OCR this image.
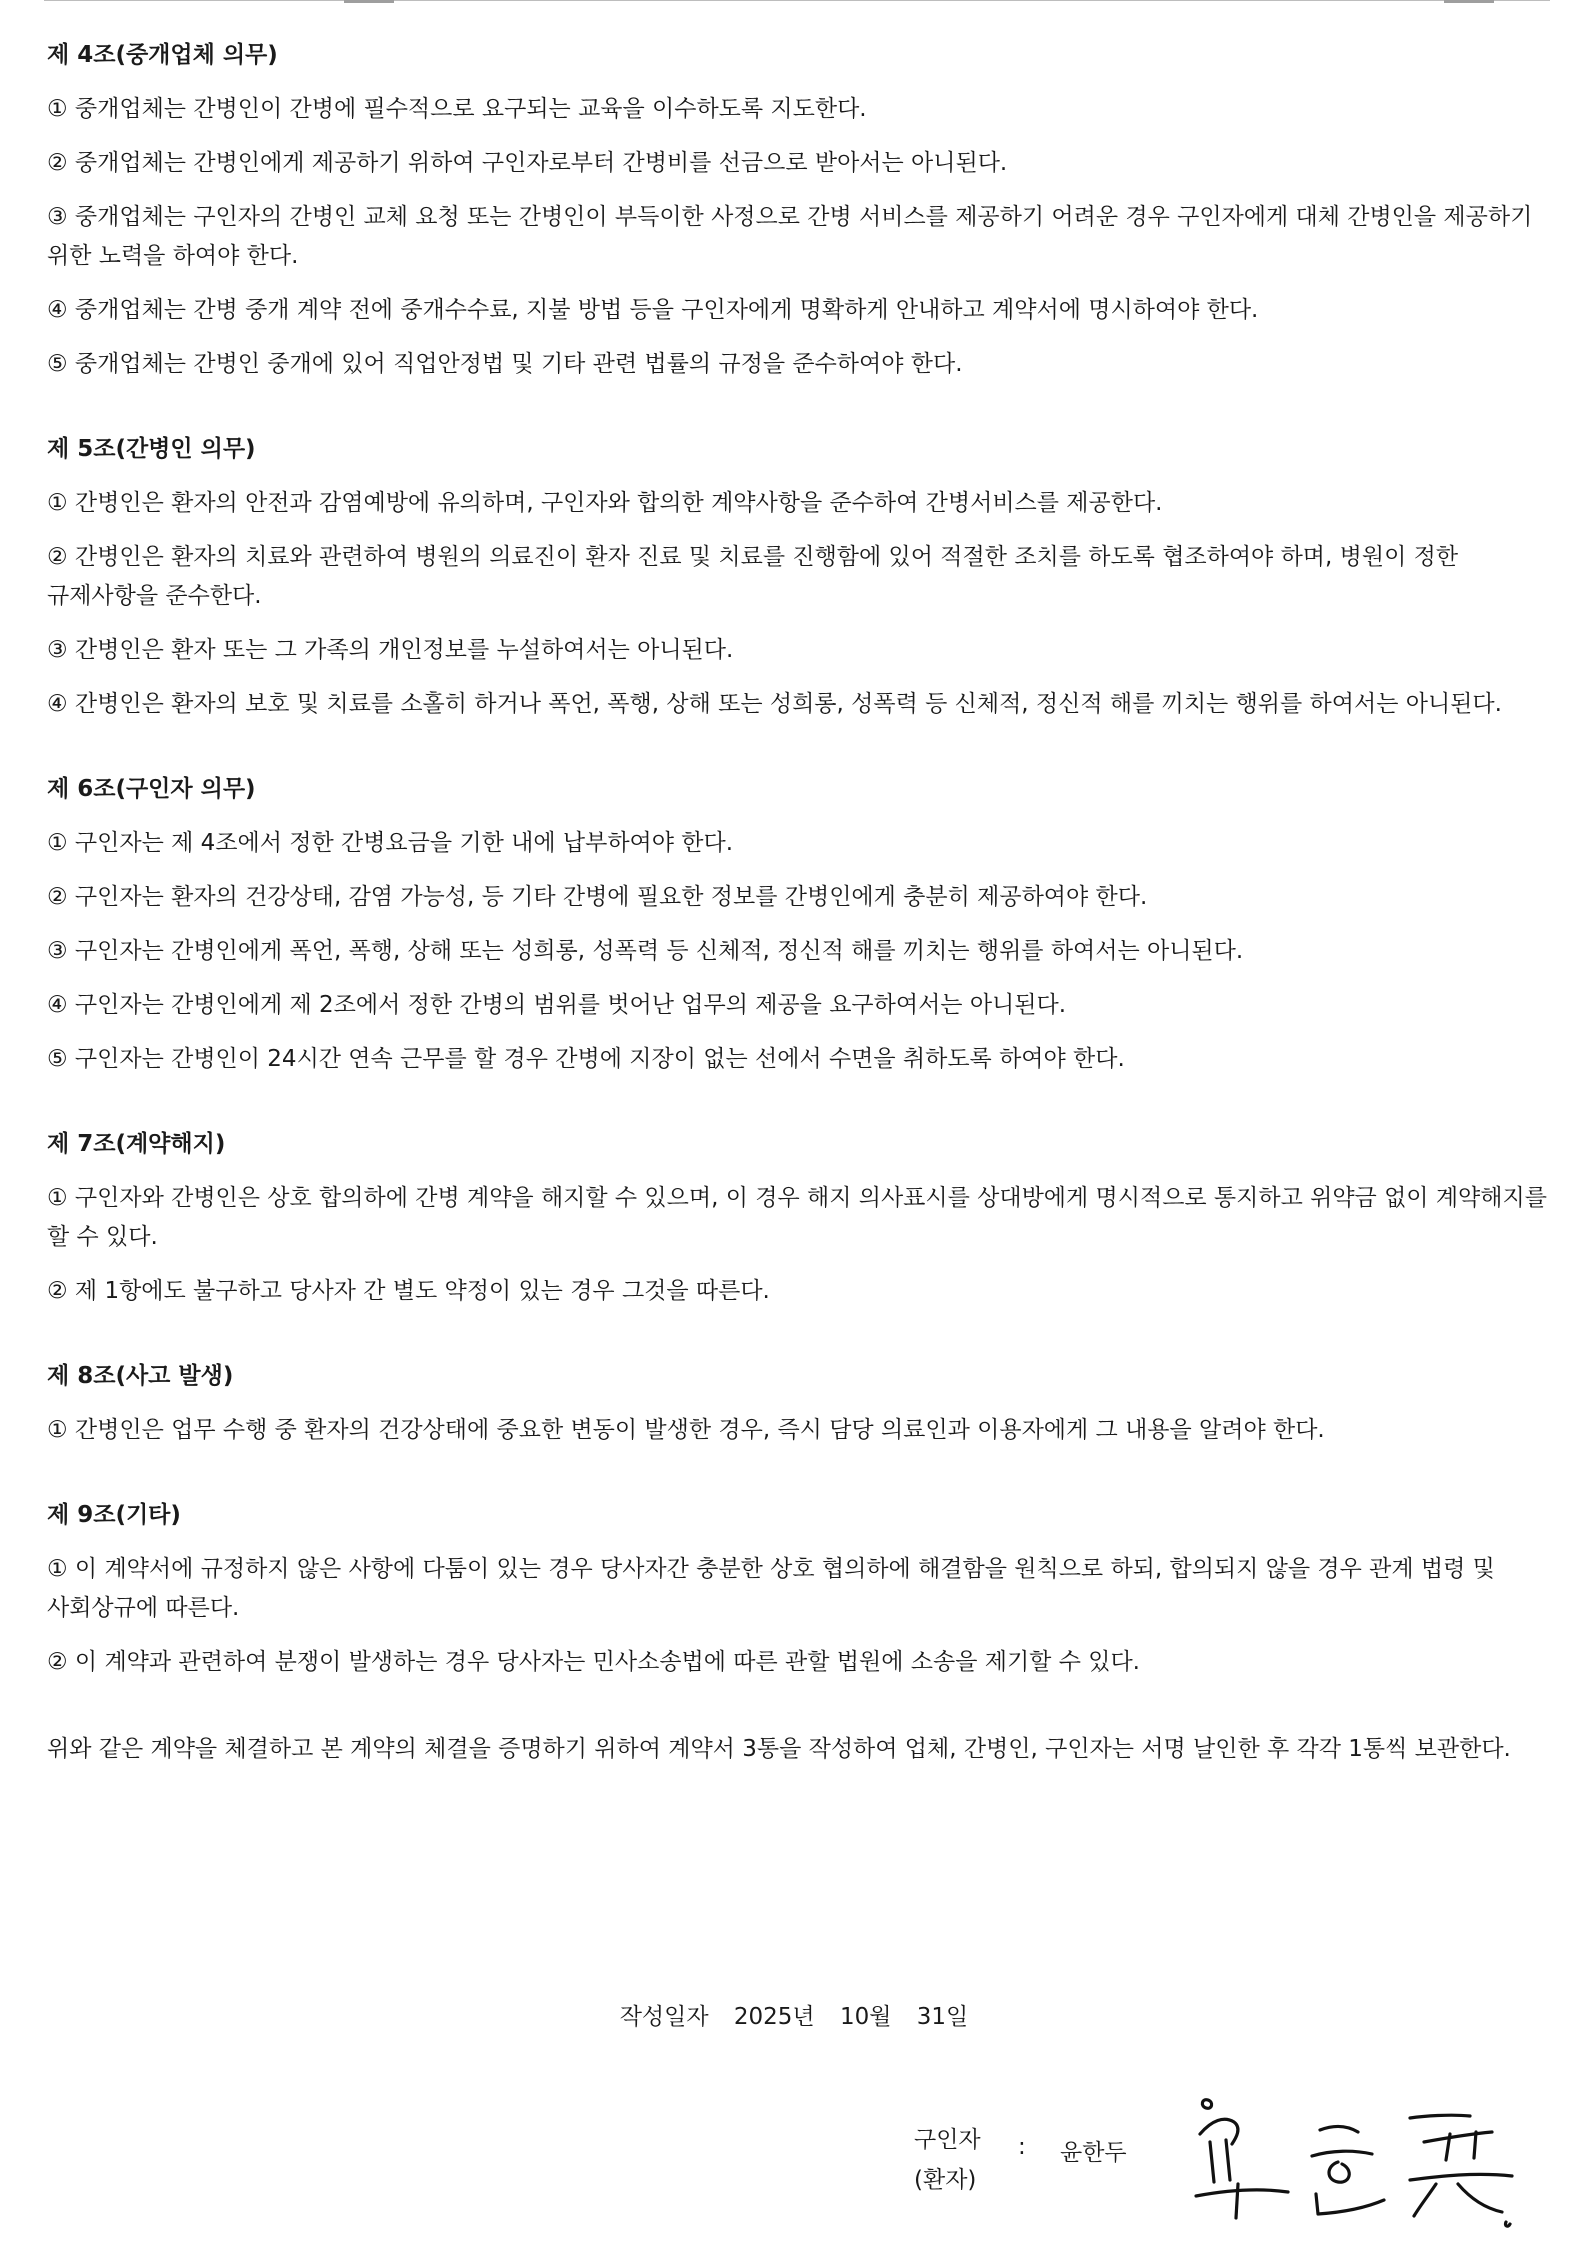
제 4조(중개업체 의무)

① 중개업체는 간병인이 간병에 필수적으로 요구되는 교육을 이수하도록 지도한다.

② 중개업체는 간병인에게 제공하기 위하여 구인자로부터 간병비를 선금으로 받아서는 아니된다.

③ 중개업체는 구인자의 간병인 교체 요청 또는 간병인이 부득이한 사정으로 간병 서비스를 제공하기 어려운 경우 구인자에게 대체 간병인을 제공하기 위한 노력을 하여야 한다.

④ 중개업체는 간병 중개 계약 전에 중개수수료, 지불 방법 등을 구인자에게 명확하게 안내하고 계약서에 명시하여야 한다.

⑤ 중개업체는 간병인 중개에 있어 직업안정법 및 기타 관련 법률의 규정을 준수하여야 한다.

제 5조(간병인 의무)

① 간병인은 환자의 안전과 감염예방에 유의하며, 구인자와 합의한 계약사항을 준수하여 간병서비스를 제공한다.

② 간병인은 환자의 치료와 관련하여 병원의 의료진이 환자 진료 및 치료를 진행함에 있어 적절한 조치를 하도록 협조하여야 하며, 병원이 정한 규제사항을 준수한다.

③ 간병인은 환자 또는 그 가족의 개인정보를 누설하여서는 아니된다.

④ 간병인은 환자의 보호 및 치료를 소홀히 하거나 폭언, 폭행, 상해 또는 성희롱, 성폭력 등 신체적, 정신적 해를 끼치는 행위를 하여서는 아니된다.

제 6조(구인자 의무)

① 구인자는 제 4조에서 정한 간병요금을 기한 내에 납부하여야 한다.

② 구인자는 환자의 건강상태, 감염 가능성, 등 기타 간병에 필요한 정보를 간병인에게 충분히 제공하여야 한다.

③ 구인자는 간병인에게 폭언, 폭행, 상해 또는 성희롱, 성폭력 등 신체적, 정신적 해를 끼치는 행위를 하여서는 아니된다.

④ 구인자는 간병인에게 제 2조에서 정한 간병의 범위를 벗어난 업무의 제공을 요구하여서는 아니된다.

⑤ 구인자는 간병인이 24시간 연속 근무를 할 경우 간병에 지장이 없는 선에서 수면을 취하도록 하여야 한다.

제 7조(계약해지)

① 구인자와 간병인은 상호 합의하에 간병 계약을 해지할 수 있으며, 이 경우 해지 의사표시를 상대방에게 명시적으로 통지하고 위약금 없이 계약해지를 할 수 있다.

② 제 1항에도 불구하고 당사자 간 별도 약정이 있는 경우 그것을 따른다.

제 8조(사고 발생)

① 간병인은 업무 수행 중 환자의 건강상태에 중요한 변동이 발생한 경우, 즉시 담당 의료인과 이용자에게 그 내용을 알려야 한다.

제 9조(기타)

① 이 계약서에 규정하지 않은 사항에 다툼이 있는 경우 당사자간 충분한 상호 협의하에 해결함을 원칙으로 하되, 합의되지 않을 경우 관계 법령 및 사회상규에 따른다.

② 이 계약과 관련하여 분쟁이 발생하는 경우 당사자는 민사소송법에 따른 관할 법원에 소송을 제기할 수 있다.

위와 같은 계약을 체결하고 본 계약의 체결을 증명하기 위하여 계약서 3통을 작성하여 업체, 간병인, 구인자는 서명 날인한 후 각각 1통씩 보관한다.

작성일자 2025년 10월 31일
구인자
(환자)
: 윤한두
